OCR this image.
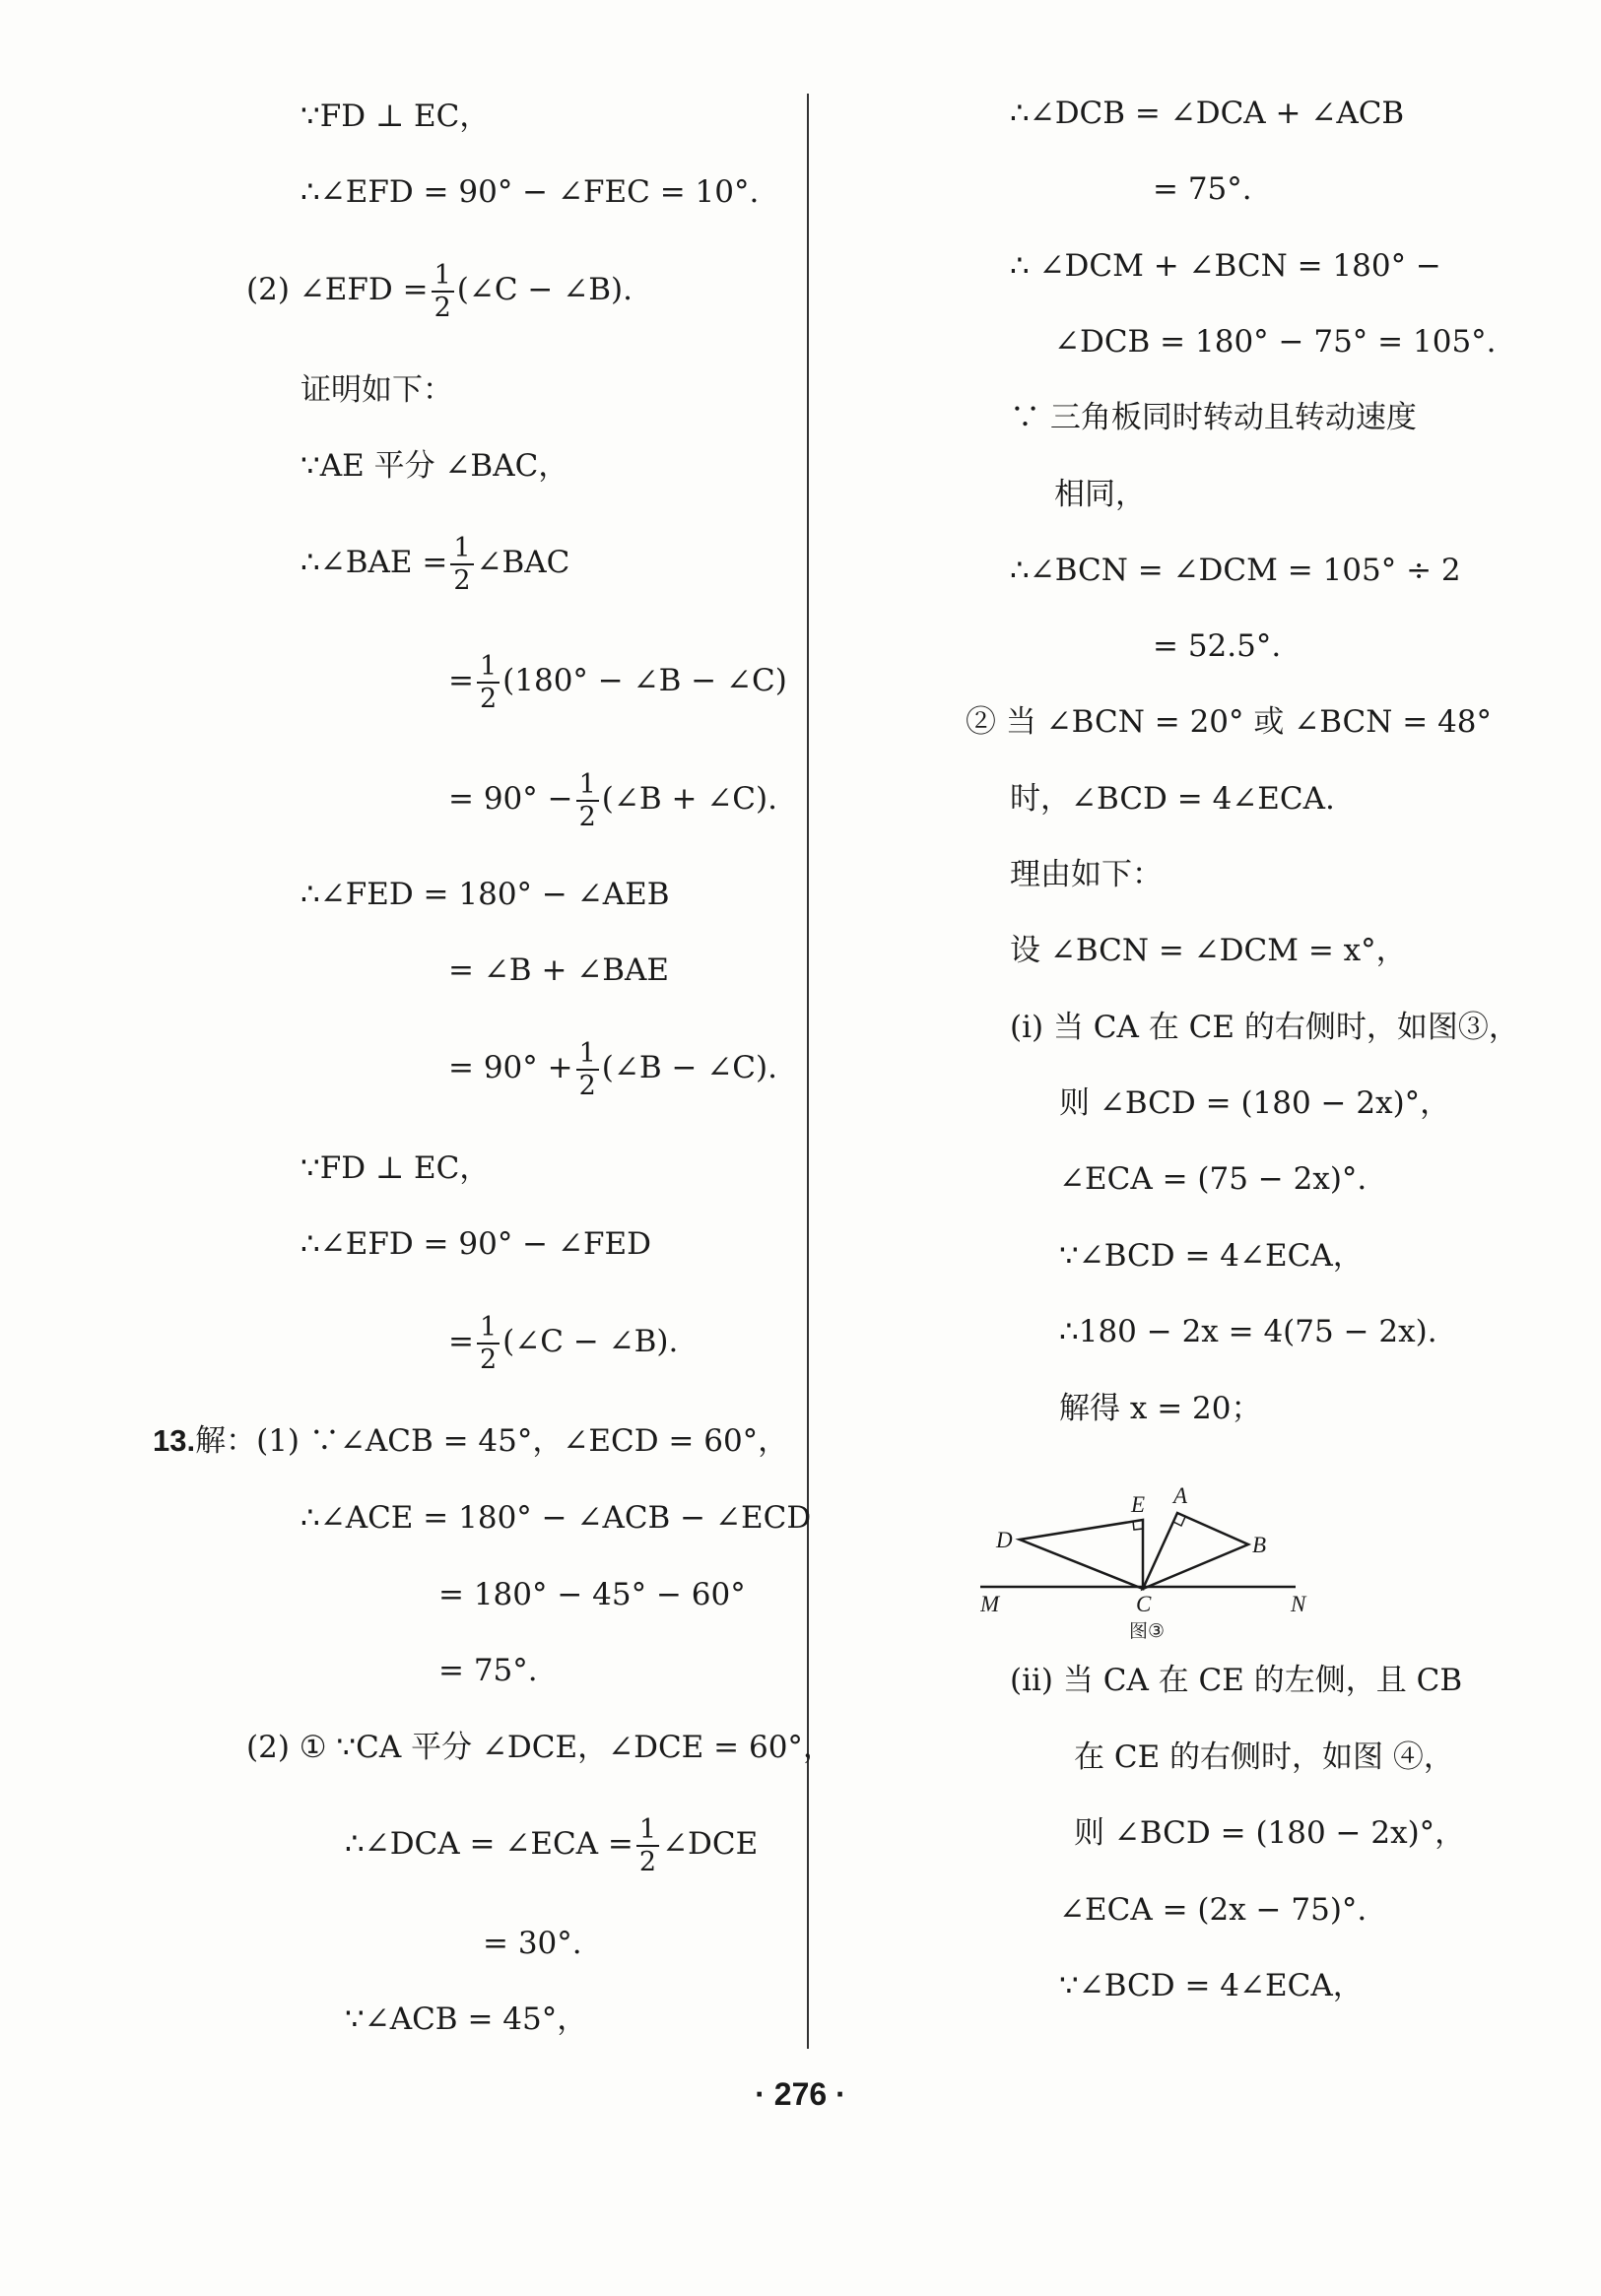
∵FD ⊥ EC，
∴∠EFD = 90° − ∠FEC = 10°.
(2) ∠EFD = $\frac{1}{2}$ (∠C − ∠B).
证明如下：
∵AE 平分 ∠BAC，
∴∠BAE = $\frac{1}{2}$ ∠BAC
= $\frac{1}{2} (180^\circ$ − ∠B − ∠C)
= $90^\circ - \frac{1}{2}$ (∠B + ∠C).
∴∠FED = 180° − ∠AEB
= ∠B + ∠BAE
= $90^\circ + \frac{1}{2}$ (∠B − ∠C).
∵FD ⊥ EC，
∴∠EFD = 90° − ∠FED
= $\frac{1}{2}$ (∠C − ∠B).
13.解：(1) ∵∠ACB = 45°，∠ECD = 60°，
∴∠ACE = 180° − ∠ACB − ∠ECD
= 180° − 45° − 60°
= 75°.
(2) ① ∵CA 平分 ∠DCE，∠DCE = 60°，
∴∠DCA = ∠ECA = $\frac{1}{2}$ ∠DCE
= 30°.
∵∠ACB = 45°，
∴∠DCB = ∠DCA + ∠ACB
= 75°.
∴ ∠DCM + ∠BCN = 180° −
∠DCB = 180° − 75° = 105°.
∵ 三角板同时转动且转动速度
相同，
∴∠BCN = ∠DCM = 105° ÷ 2
= 52.5°.
② 当 ∠BCN = 20° 或 ∠BCN = 48°
时，∠BCD = 4∠ECA.
理由如下：
设 ∠BCN = ∠DCM = x°，
(i) 当 CA 在 CE 的右侧时，如图③，
则 ∠BCD = (180 − 2x)°，
∠ECA = (75 − 2x)°.
∵∠BCD = 4∠ECA，
∴180 − 2x = 4(75 − 2x).
解得 x = 20；
(ii) 当 CA 在 CE 的左侧，且 CB
在 CE 的右侧时，如图 ④，
则 ∠BCD = (180 − 2x)°，
∠ECA = (2x − 75)°.
∵∠BCD = 4∠ECA，
D
E A
B
C
M	N
图③
· 276 ·
